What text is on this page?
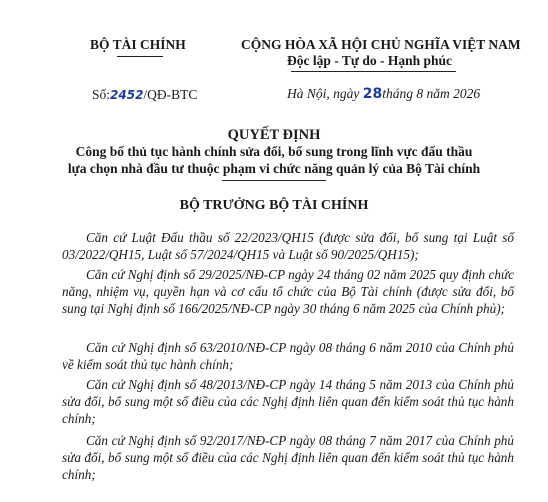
BỘ TÀI CHÍNH	CỘNG HÒA XÃ HỘI CHỦ NGHĨA VIỆT NAM
Độc lập - Tự do - Hạnh phúc
Số:2452/QĐ-BTC	Hà Nội, ngày 28tháng 8 năm 2026
QUYẾT ĐỊNH
Công bố thủ tục hành chính sửa đổi, bổ sung trong lĩnh vực đấu thầu
lựa chọn nhà đầu tư thuộc phạm vi chức năng quản lý của Bộ Tài chính
BỘ TRƯỞNG BỘ TÀI CHÍNH
Căn cứ Luật Đấu thầu số 22/2023/QH15 (được sửa đổi, bổ sung tại Luật số 03/2022/QH15, Luật số 57/2024/QH15 và Luật số 90/2025/QH15);
Căn cứ Nghị định số 29/2025/NĐ-CP ngày 24 tháng 02 năm 2025 quy định chức năng, nhiệm vụ, quyền hạn và cơ cấu tổ chức của Bộ Tài chính (được sửa đổi, bổ sung tại Nghị định số 166/2025/NĐ-CP ngày 30 tháng 6 năm 2025 của Chính phủ);
Căn cứ Nghị định số 63/2010/NĐ-CP ngày 08 tháng 6 năm 2010 của Chính phủ về kiểm soát thủ tục hành chính;
Căn cứ Nghị định số 48/2013/NĐ-CP ngày 14 tháng 5 năm 2013 của Chính phủ sửa đổi, bổ sung một số điều của các Nghị định liên quan đến kiểm soát thủ tục hành chính;
Căn cứ Nghị định số 92/2017/NĐ-CP ngày 08 tháng 7 năm 2017 của Chính phủ sửa đổi, bổ sung một số điều của các Nghị định liên quan đến kiểm soát thủ tục hành chính;
